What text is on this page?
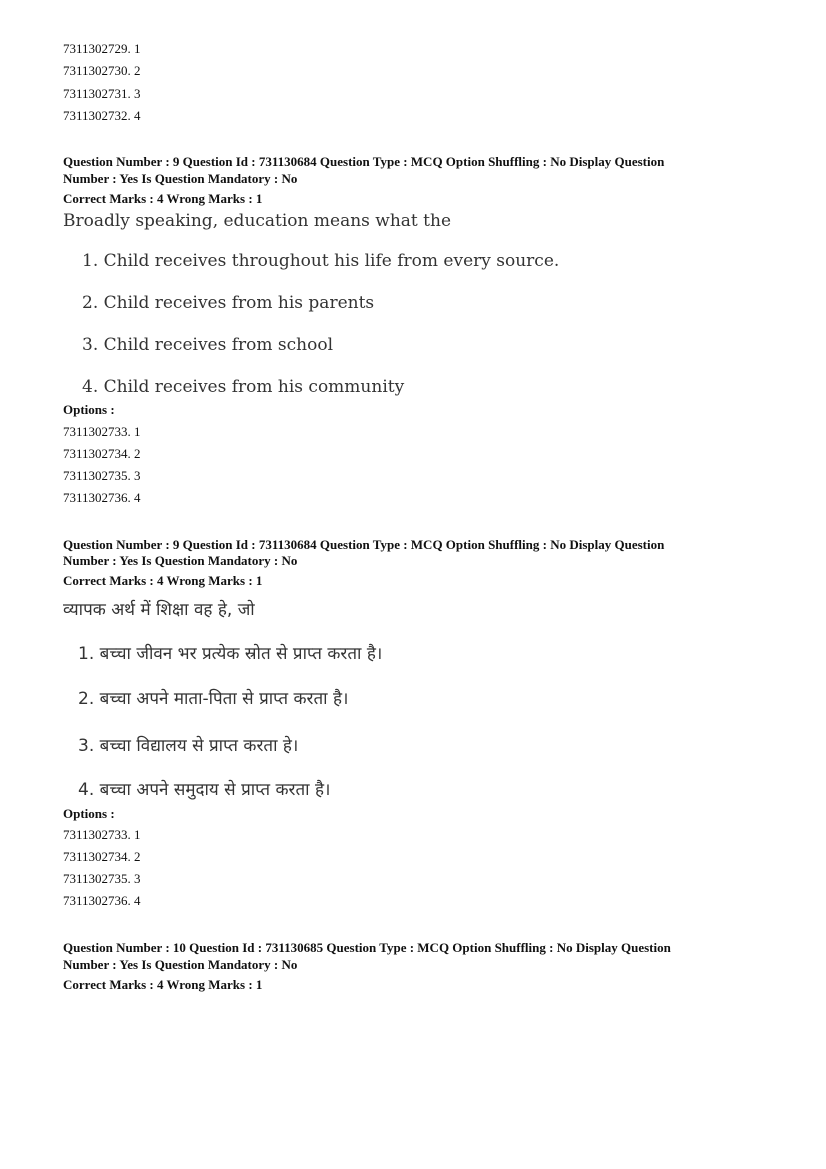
7311302729. 1
7311302730. 2
7311302731. 3
7311302732. 4
Question Number : 9 Question Id : 731130684 Question Type : MCQ Option Shuffling : No Display Question
Number : Yes Is Question Mandatory : No
Correct Marks : 4 Wrong Marks : 1
Broadly speaking, education means what the
1. Child receives throughout his life from every source.
2. Child receives from his parents
3. Child receives from school
4. Child receives from his community
Options :
7311302733. 1
7311302734. 2
7311302735. 3
7311302736. 4
Question Number : 9 Question Id : 731130684 Question Type : MCQ Option Shuffling : No Display Question
Number : Yes Is Question Mandatory : No
Correct Marks : 4 Wrong Marks : 1
व्यापक अर्थ में शिक्षा वह हे, जो
1. बच्चा जीवन भर प्रत्येक स्रोत से प्राप्त करता है।
2. बच्चा अपने माता-पिता से प्राप्त करता है।
3. बच्चा विद्यालय से प्राप्त करता हे।
4. बच्चा अपने समुदाय से प्राप्त करता है।
Options :
7311302733. 1
7311302734. 2
7311302735. 3
7311302736. 4
Question Number : 10 Question Id : 731130685 Question Type : MCQ Option Shuffling : No Display Question
Number : Yes Is Question Mandatory : No
Correct Marks : 4 Wrong Marks : 1
